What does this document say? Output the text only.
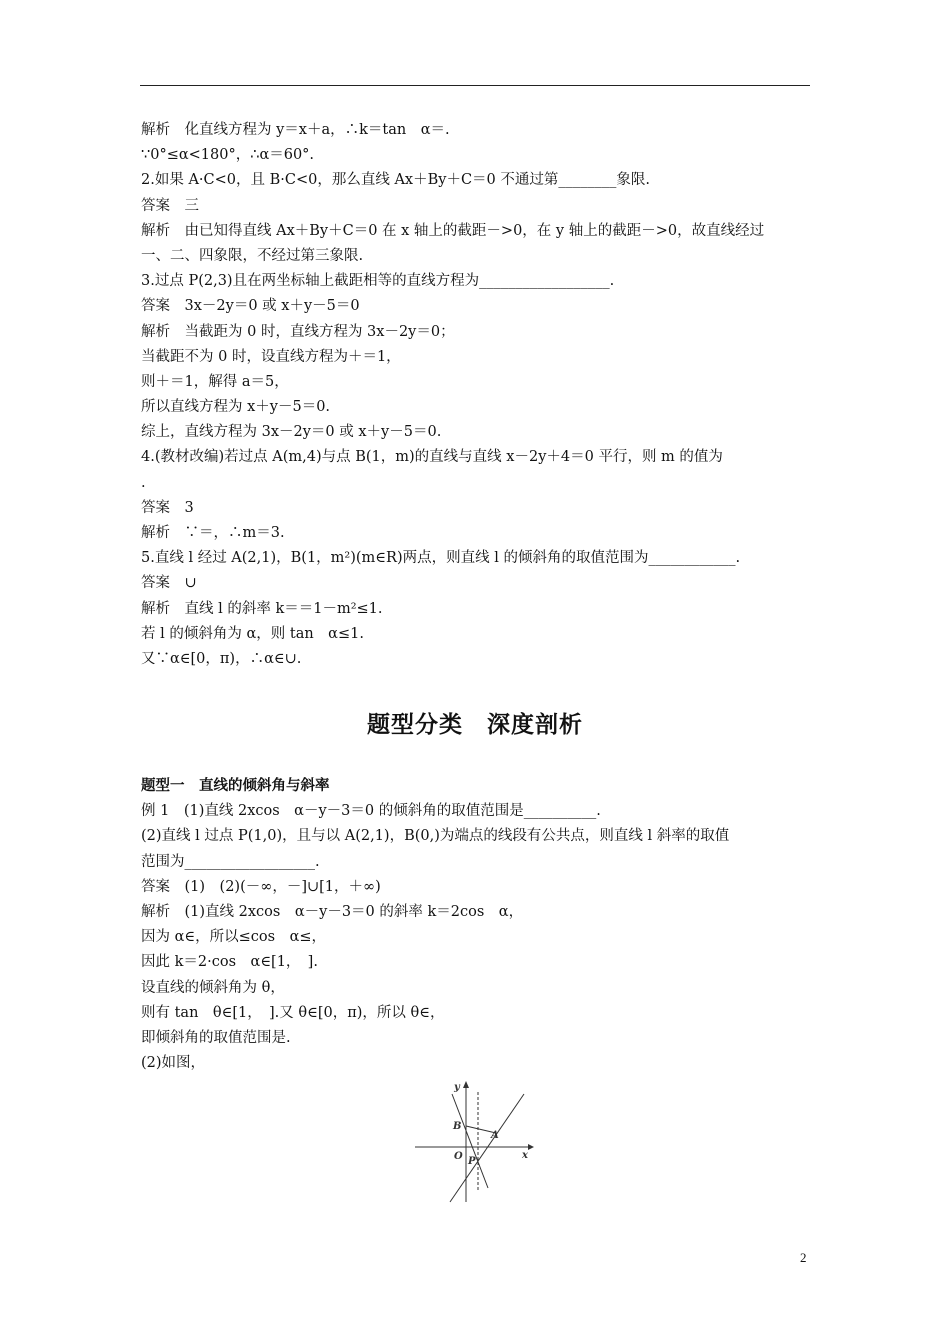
解析　化直线方程为 y＝x＋a，∴k＝tan　α＝.
∵0°≤α<180°，∴α＝60°.
2.如果 A·C<0，且 B·C<0，那么直线 Ax＋By＋C＝0 不通过第________象限.
答案　三
解析　由已知得直线 Ax＋By＋C＝0 在 x 轴上的截距－>0，在 y 轴上的截距－>0，故直线经过
一、二、四象限，不经过第三象限.
3.过点 P(2,3)且在两坐标轴上截距相等的直线方程为__________________.
答案　3x－2y＝0 或 x＋y－5＝0
解析　当截距为 0 时，直线方程为 3x－2y＝0；
当截距不为 0 时，设直线方程为＋＝1，
则＋＝1，解得 a＝5，
所以直线方程为 x＋y－5＝0.
综上，直线方程为 3x－2y＝0 或 x＋y－5＝0.
4.(教材改编)若过点 A(m,4)与点 B(1，m)的直线与直线 x－2y＋4＝0 平行，则 m 的值为
.
答案　3
解析　∵＝，∴m＝3.
5.直线 l 经过 A(2,1)，B(1，m²)(m∈R)两点，则直线 l 的倾斜角的取值范围为____________.
答案　∪
解析　直线 l 的斜率 k＝＝1－m²≤1.
若 l 的倾斜角为 α，则 tan　α≤1.
又∵α∈[0，π)，∴α∈∪.
题型分类　深度剖析
题型一　直线的倾斜角与斜率
例 1　(1)直线 2xcos　α－y－3＝0 的倾斜角的取值范围是__________.
(2)直线 l 过点 P(1,0)，且与以 A(2,1)，B(0,)为端点的线段有公共点，则直线 l 斜率的取值
范围为__________________.
答案　(1)　(2)(－∞，－]∪[1，＋∞)
解析　(1)直线 2xcos　α－y－3＝0 的斜率 k＝2cos　α，
因为 α∈，所以≤cos　α≤，
因此 k＝2·cos　α∈[1，　].
设直线的倾斜角为 θ，
则有 tan　θ∈[1，　].又 θ∈[0，π)，所以 θ∈，
即倾斜角的取值范围是.
(2)如图，
y
x
B
A
O P
2
